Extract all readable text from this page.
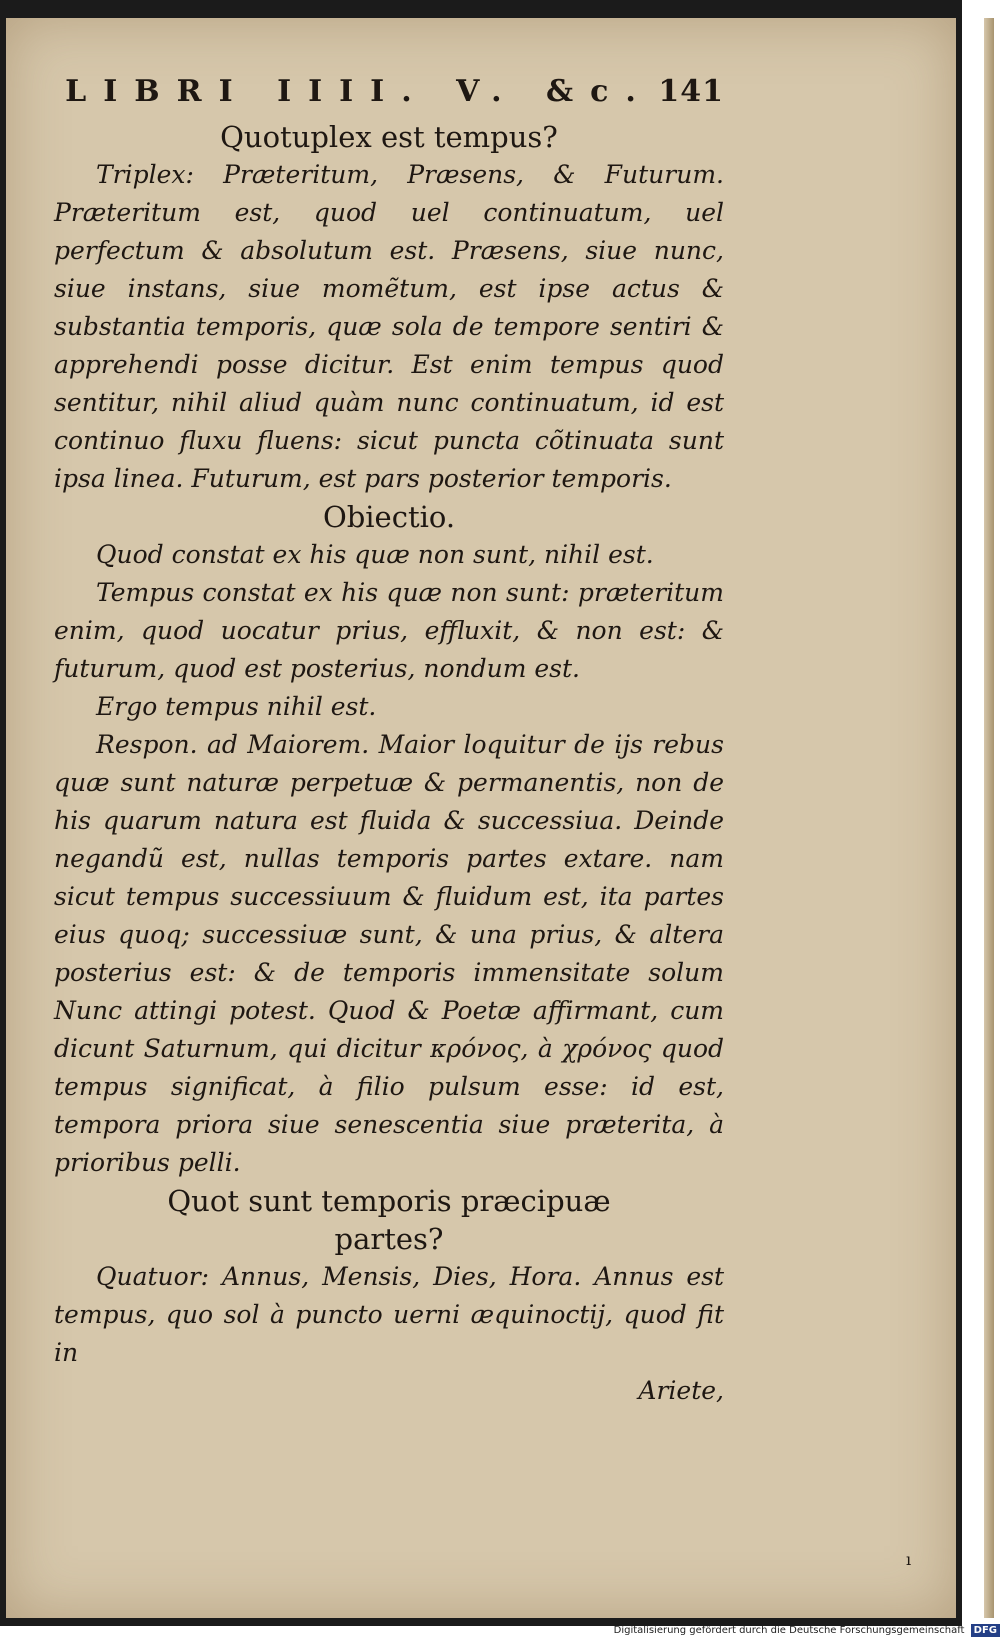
LIBRI IIII. V. &c. 141
Quotuplex est tempus?

Triplex: Præteritum, Præsens, & Futurum. Præteritum est, quod uel continuatum, uel perfectum & absolutum est. Præsens, siue nunc, siue instans, siue momẽtum, est ipse actus & substantia temporis, quæ sola de tempore sentiri & apprehendi posse dicitur. Est enim tempus quod sentitur, nihil aliud quàm nunc continuatum, id est continuo fluxu fluens: sicut puncta cõtinuata sunt ipsa linea. Futurum, est pars posterior temporis.

Obiectio.

Quod constat ex his quæ non sunt, nihil est.

Tempus constat ex his quæ non sunt: præteritum enim, quod uocatur prius, effluxit, & non est: & futurum, quod est posterius, nondum est.

Ergo tempus nihil est.

Respon. ad Maiorem. Maior loquitur de ijs rebus quæ sunt naturæ perpetuæ & permanentis, non de his quarum natura est fluida & successiua. Deinde negandũ est, nullas temporis partes extare. nam sicut tempus successiuum & fluidum est, ita partes eius quoq; successiuæ sunt, & una prius, & altera posterius est: & de temporis immensitate solum Nunc attingi potest. Quod & Poetæ affirmant, cum dicunt Saturnum, qui dicitur κρόνος, à χρόνος quod tempus significat, à filio pulsum esse: id est, tempora priora siue senescentia siue præterita, à prioribus pelli.

Quot sunt temporis præcipuæ partes?

Quatuor: Annus, Mensis, Dies, Hora. Annus est tempus, quo sol à puncto uerni æquinoctij, quod fit in

Ariete,

ı
Digitalisierung gefördert durch die Deutsche Forschungsgemeinschaft DFG
